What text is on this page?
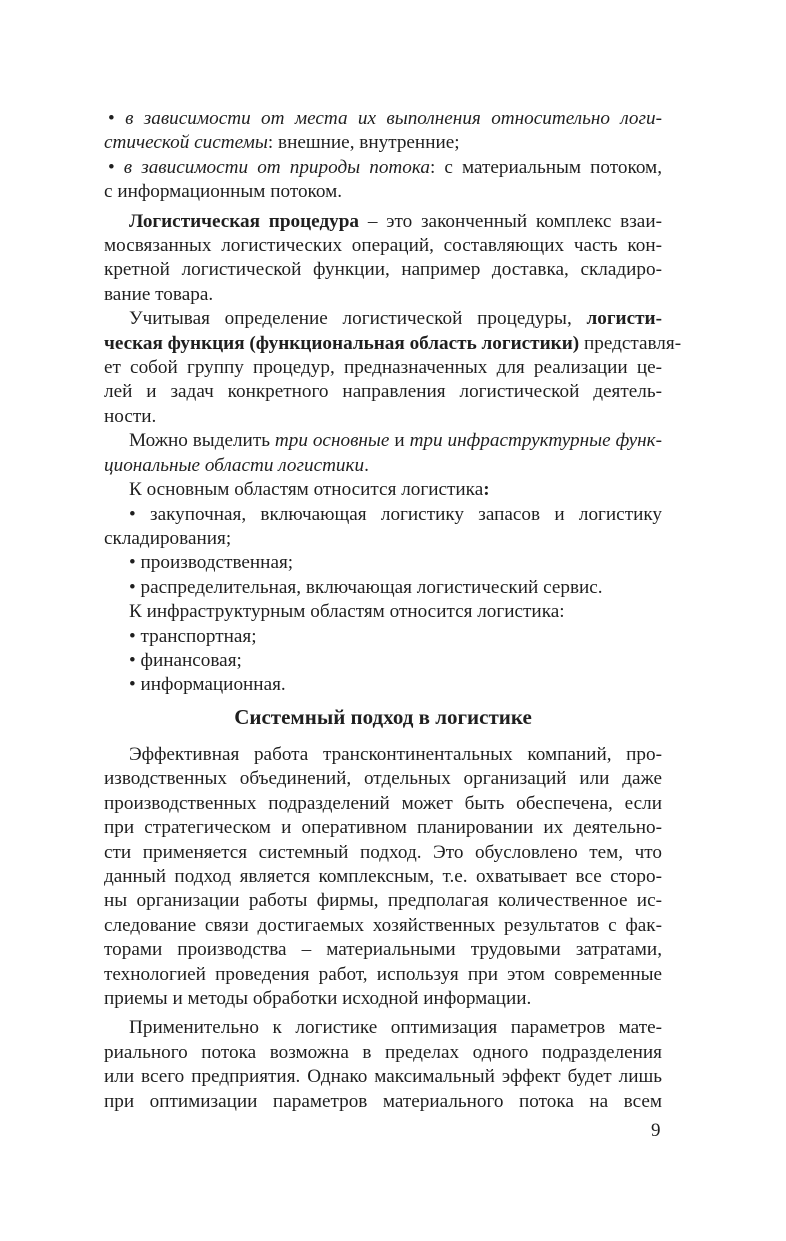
• в зависимости от места их выполнения относительно логи-
стической системы: внешние, внутренние;
• в зависимости от природы потока: с материальным потоком,
с информационным потоком.
Логистическая процедура – это законченный комплекс взаи-
мосвязанных логистических операций, составляющих часть кон-
кретной логистической функции, например доставка, складиро-
вание товара.
Учитывая определение логистической процедуры, логисти-
ческая функция (функциональная область логистики) представля-
ет собой группу процедур, предназначенных для реализации це-
лей и задач конкретного направления логистической деятель-
ности.
Можно выделить три основные и три инфраструктурные функ-
циональные области логистики.
К основным областям относится логистика:
• закупочная, включающая логистику запасов и логистику
складирования;
• производственная;
• распределительная, включающая логистический сервис.
К инфраструктурным областям относится логистика:
• транспортная;
• финансовая;
• информационная.
Системный подход в логистике
Эффективная работа трансконтинентальных компаний, про-
изводственных объединений, отдельных организаций или даже
производственных подразделений может быть обеспечена, если
при стратегическом и оперативном планировании их деятельно-
сти применяется системный подход. Это обусловлено тем, что
данный подход является комплексным, т.е. охватывает все сторо-
ны организации работы фирмы, предполагая количественное ис-
следование связи достигаемых хозяйственных результатов с фак-
торами производства – материальными трудовыми затратами,
технологией проведения работ, используя при этом современные
приемы и методы обработки исходной информации.
Применительно к логистике оптимизация параметров мате-
риального потока возможна в пределах одного подразделения
или всего предприятия. Однако максимальный эффект будет лишь
при оптимизации параметров материального потока на всем
9
